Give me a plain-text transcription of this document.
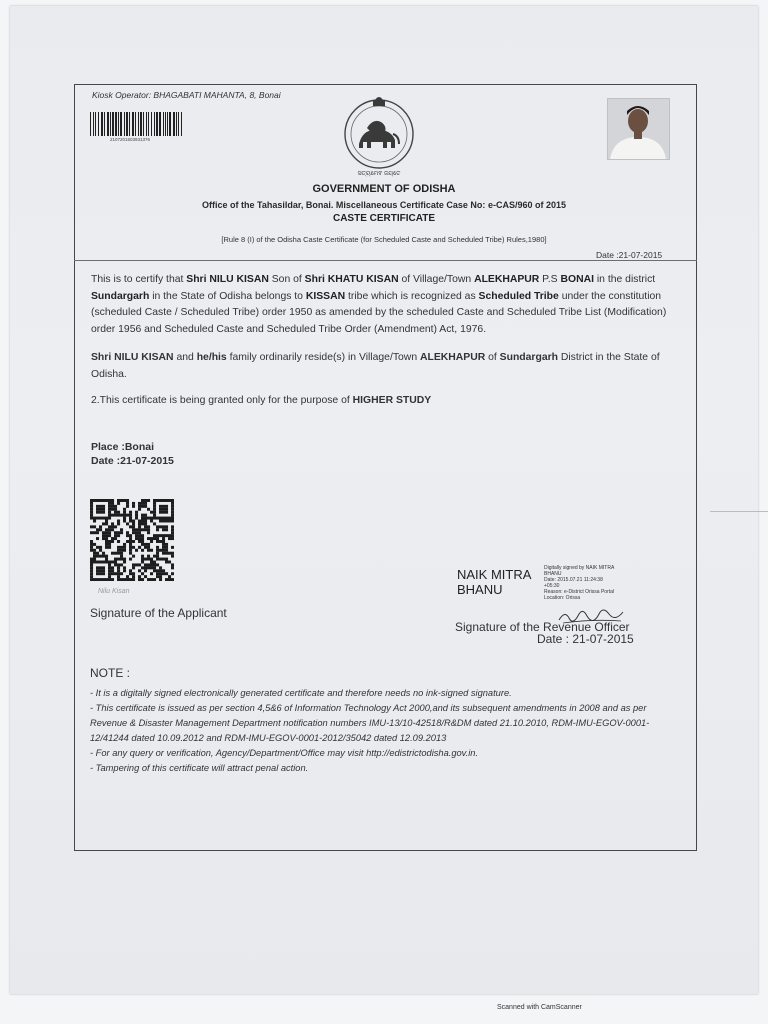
Kiosk Operator: BHAGABATI MAHANTA, 8, Bonai
2107201503931376
ସତ୍ୟମେବ ଜୟତେ
GOVERNMENT OF ODISHA
Office of the Tahasildar, Bonai. Miscellaneous Certificate Case No: e-CAS/960 of 2015
CASTE CERTIFICATE
[Rule 8 (I) of the Odisha Caste Certificate (for Scheduled Caste and Scheduled Tribe) Rules,1980]
Date :21-07-2015
This is to certify that Shri NILU KISAN Son of Shri KHATU KISAN of Village/Town ALEKHAPUR P.S BONAI in the district Sundargarh in the State of Odisha belongs to KISSAN tribe which is recognized as Scheduled Tribe under the constitution (scheduled Caste / Scheduled Tribe) order 1950 as amended by the scheduled Caste and Scheduled Tribe List (Modification) order 1956 and Scheduled Caste and Scheduled Tribe Order (Amendment) Act, 1976.
Shri NILU KISAN and he/his family ordinarily reside(s) in Village/Town ALEKHAPUR of Sundargarh District in the State of Odisha.
2.This certificate is being granted only for the purpose of HIGHER STUDY
Place :Bonai
Date :21-07-2015
Nilu Kisan
Signature of the Applicant
NAIK MITRA
BHANU
Digitally signed by NAIK MITRA
BHANU
Date: 2015.07.21 11:24:38
+05:30
Reason: e-District Orissa Portal
Location: Orissa
Signature of the Revenue Officer
Date : 21-07-2015
NOTE :
- It is a digitally signed electronically generated certificate and therefore needs no ink-signed signature.
- This certificate is issued as per section 4,5&6 of Information Technology Act 2000,and its subsequent amendments in 2008 and as per Revenue & Disaster Management Department notification numbers IMU-13/10-42518/R&DM dated 21.10.2010, RDM-IMU-EGOV-0001-12/41244 dated 10.09.2012 and RDM-IMU-EGOV-0001-2012/35042 dated 12.09.2013
- For any query or verification, Agency/Department/Office may visit http://edistrictodisha.gov.in.
- Tampering of this certificate will attract penal action.
Scanned with CamScanner
